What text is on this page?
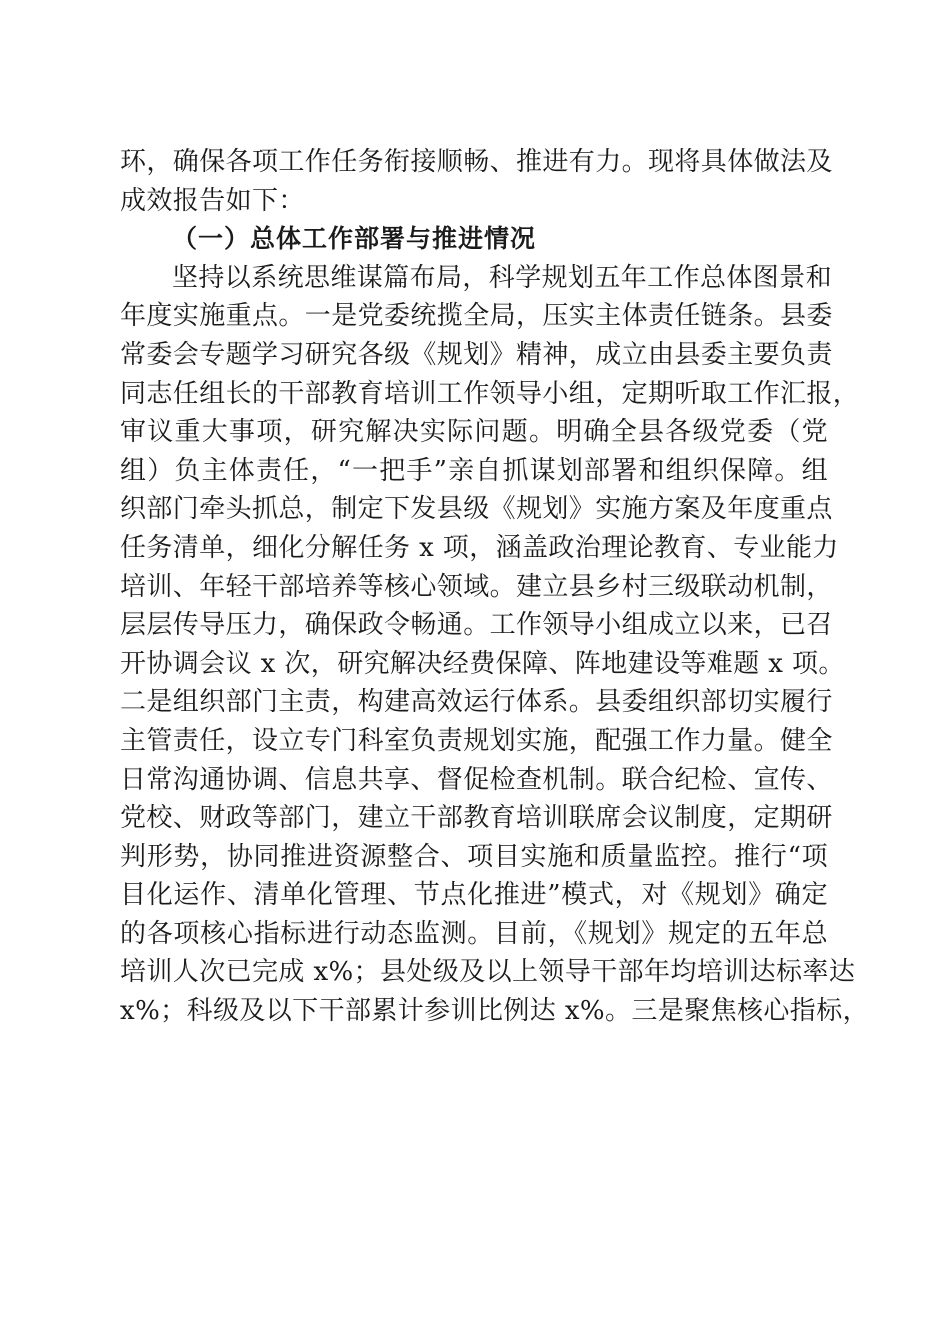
环，确保各项工作任务衔接顺畅、推进有力。现将具体做法及
成效报告如下：
（一）总体工作部署与推进情况
坚持以系统思维谋篇布局，科学规划五年工作总体图景和
年度实施重点。一是党委统揽全局，压实主体责任链条。县委
常委会专题学习研究各级《规划》精神，成立由县委主要负责
同志任组长的干部教育培训工作领导小组，定期听取工作汇报，
审议重大事项，研究解决实际问题。明确全县各级党委（党
组）负主体责任，“一把手”亲自抓谋划部署和组织保障。组
织部门牵头抓总，制定下发县级《规划》实施方案及年度重点
任务清单，细化分解任务 x 项，涵盖政治理论教育、专业能力
培训、年轻干部培养等核心领域。建立县乡村三级联动机制，
层层传导压力，确保政令畅通。工作领导小组成立以来，已召
开协调会议 x 次，研究解决经费保障、阵地建设等难题 x 项。
二是组织部门主责，构建高效运行体系。县委组织部切实履行
主管责任，设立专门科室负责规划实施，配强工作力量。健全
日常沟通协调、信息共享、督促检查机制。联合纪检、宣传、
党校、财政等部门，建立干部教育培训联席会议制度，定期研
判形势，协同推进资源整合、项目实施和质量监控。推行“项
目化运作、清单化管理、节点化推进”模式，对《规划》确定
的各项核心指标进行动态监测。目前，《规划》规定的五年总
培训人次已完成 x%；县处级及以上领导干部年均培训达标率达
x%；科级及以下干部累计参训比例达 x%。三是聚焦核心指标，
